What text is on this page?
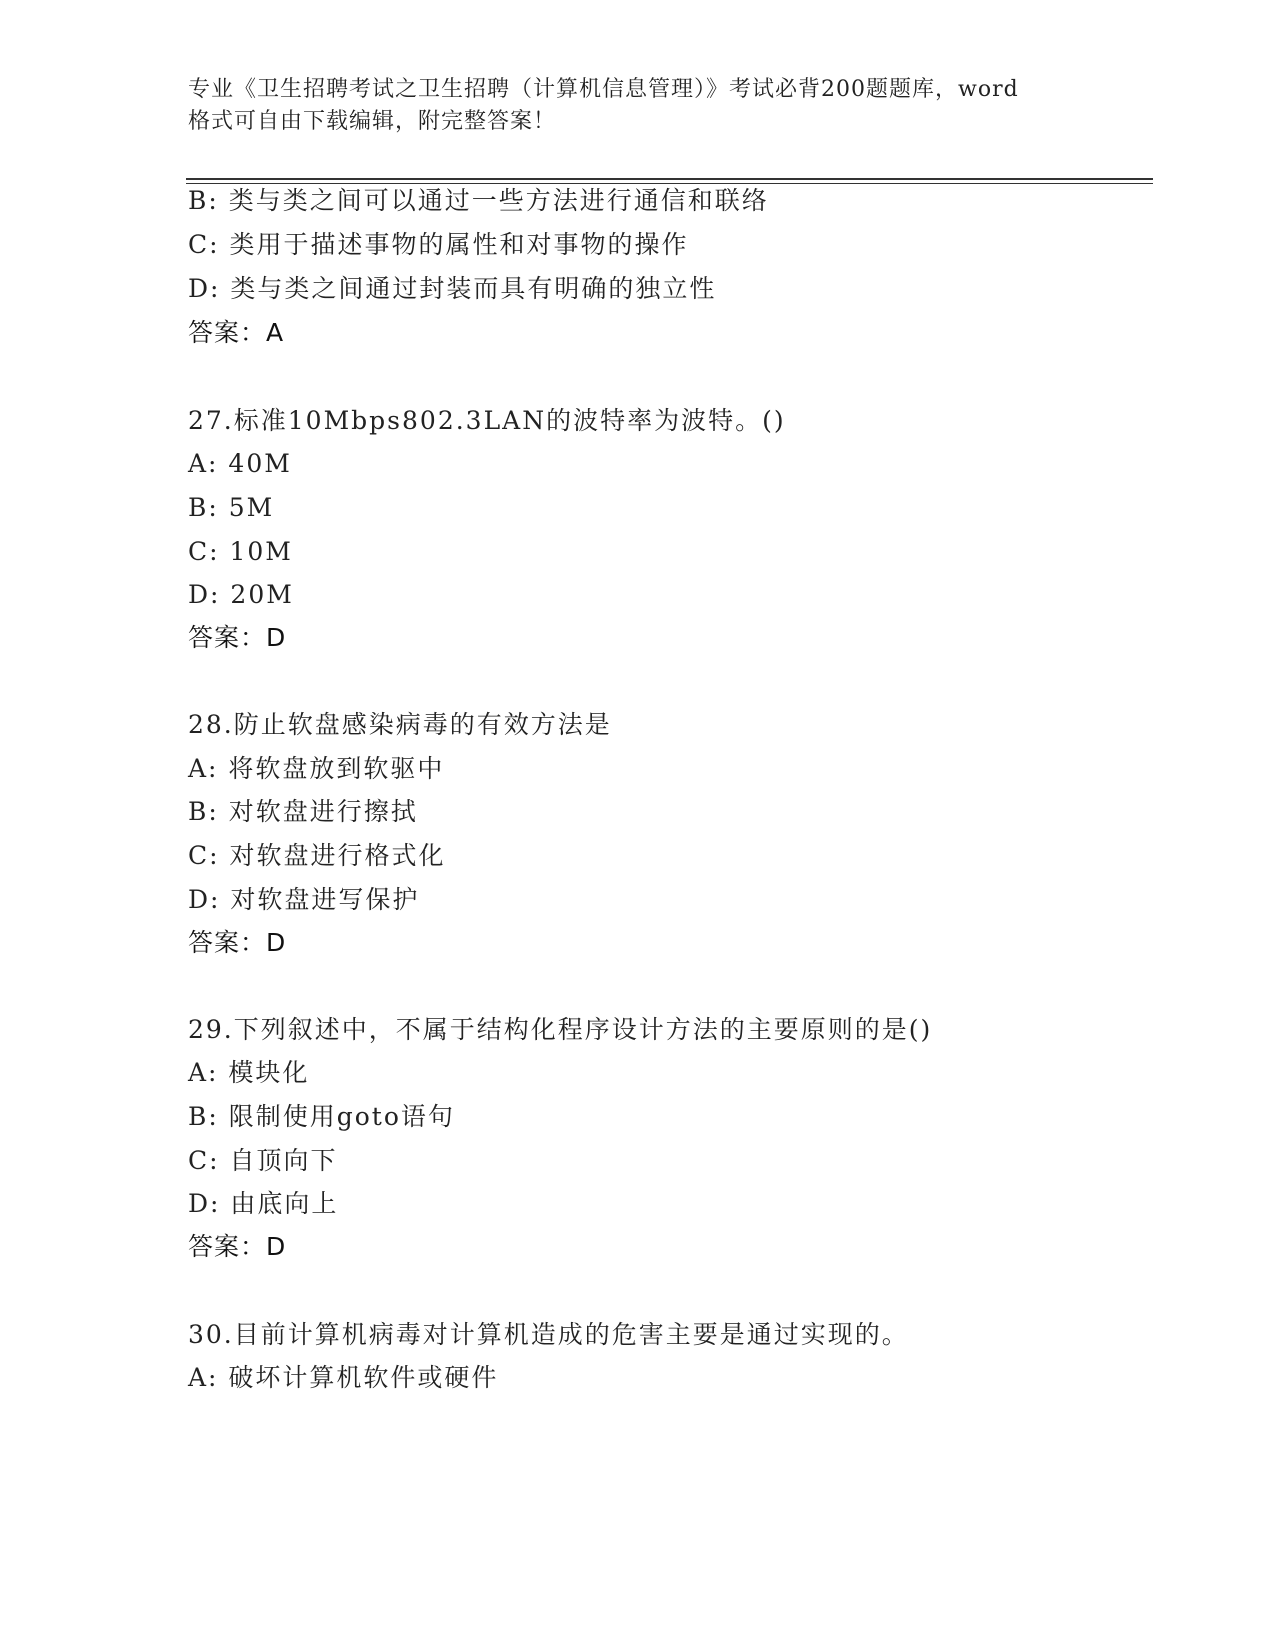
专业《卫生招聘考试之卫生招聘（计算机信息管理）》考试必背200题题库，word
格式可自由下载编辑，附完整答案！
B: 类与类之间可以通过一些方法进行通信和联络
C: 类用于描述事物的属性和对事物的操作
D: 类与类之间通过封装而具有明确的独立性
答案：A
27.标准10Mbps802.3LAN的波特率为波特。()
A: 40M
B: 5M
C: 10M
D: 20M
答案：D
28.防止软盘感染病毒的有效方法是
A: 将软盘放到软驱中
B: 对软盘进行擦拭
C: 对软盘进行格式化
D: 对软盘进写保护
答案：D
29.下列叙述中，不属于结构化程序设计方法的主要原则的是()
A: 模块化
B: 限制使用goto语句
C: 自顶向下
D: 由底向上
答案：D
30.目前计算机病毒对计算机造成的危害主要是通过实现的。
A: 破坏计算机软件或硬件
